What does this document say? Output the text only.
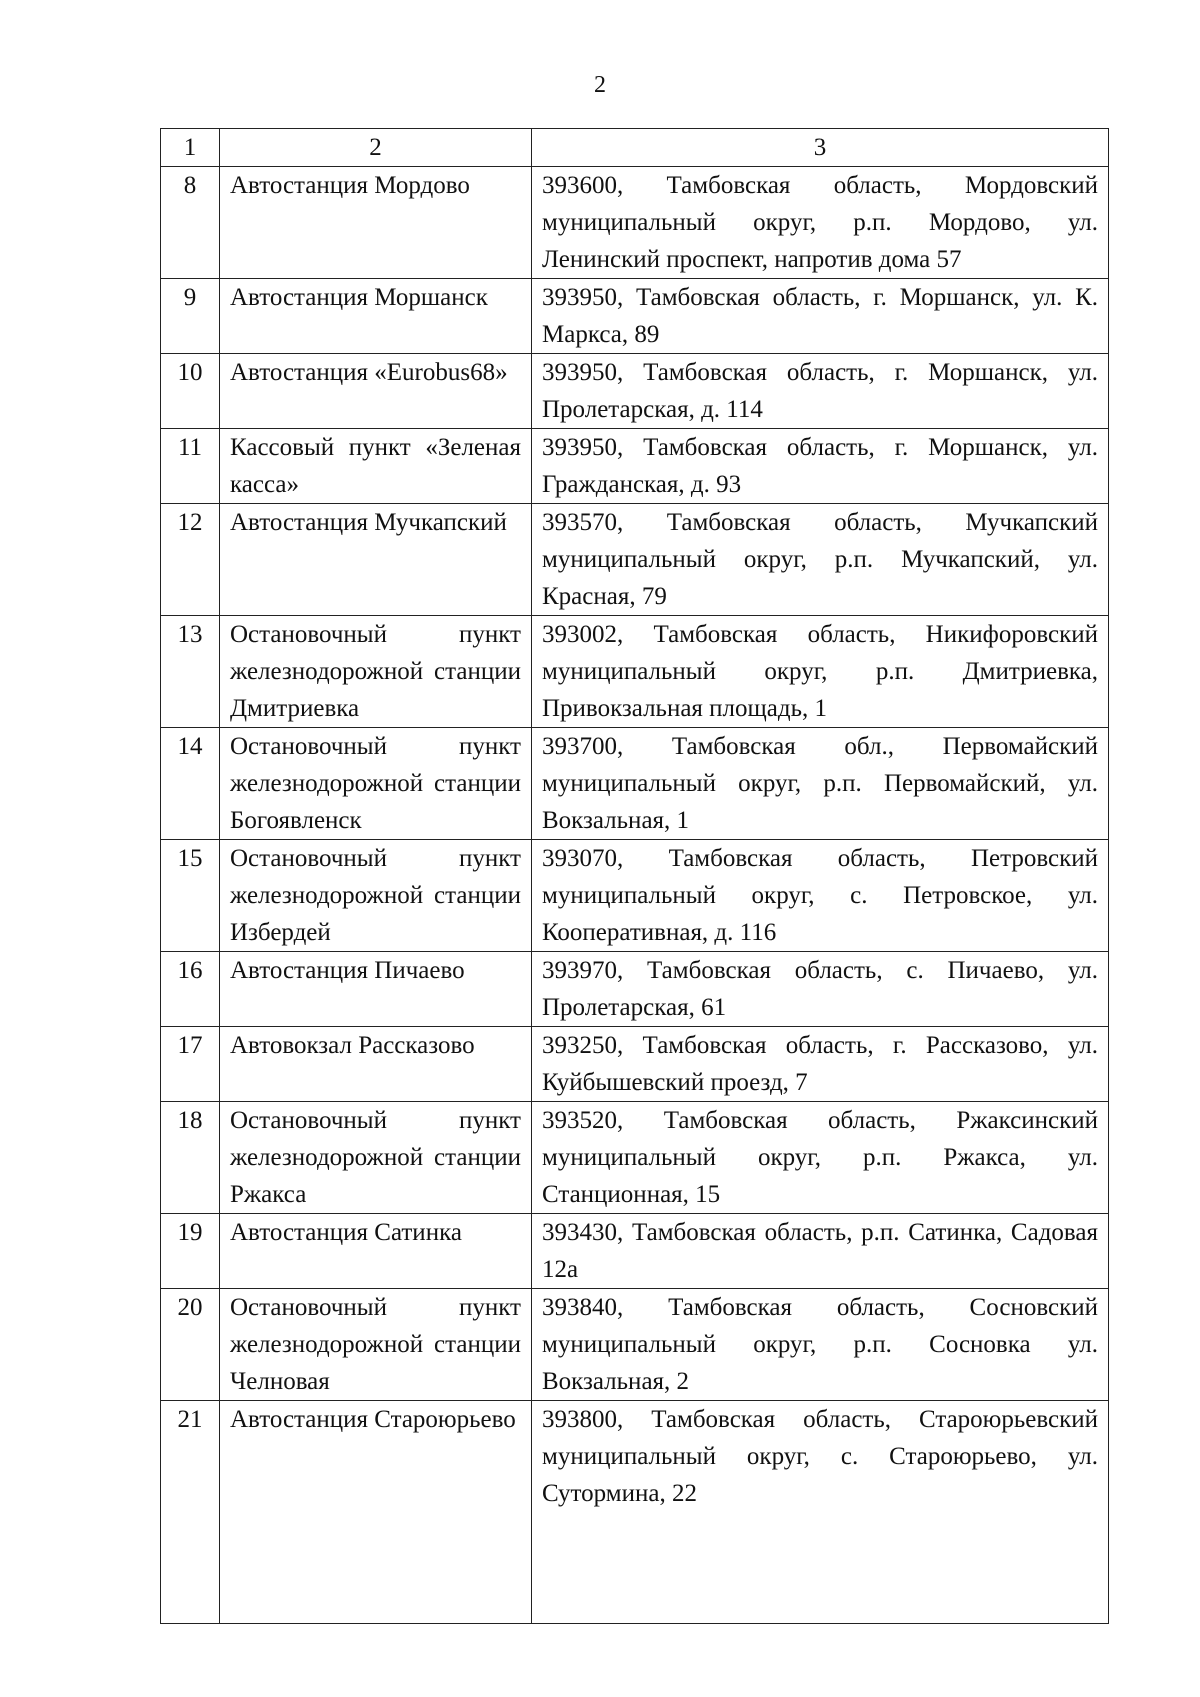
2
1	2	3
8	Автостанция Мордово	393600, Тамбовская область, Мордовский муниципальный округ, р.п. Мордово, ул. Ленинский проспект, напротив дома 57
9	Автостанция Моршанск	393950, Тамбовская область, г. Моршанск, ул. К. Маркса, 89
10	Автостанция «Eurobus68»	393950, Тамбовская область, г. Моршанск, ул. Пролетарская, д. 114
11	Кассовый пункт «Зеленая касса»	393950, Тамбовская область, г. Моршанск, ул. Гражданская, д. 93
12	Автостанция Мучкапский	393570, Тамбовская область, Мучкапский муниципальный округ, р.п. Мучкапский, ул. Красная, 79
13	Остановочный пункт железнодорожной станции Дмитриевка	393002, Тамбовская область, Никифоровский муниципальный округ, р.п. Дмитриевка, Привокзальная площадь, 1
14	Остановочный пункт железнодорожной станции Богоявленск	393700, Тамбовская обл., Первомайский муниципальный округ, р.п. Первомайский, ул. Вокзальная, 1
15	Остановочный пункт железнодорожной станции Избердей	393070, Тамбовская область, Петровский муниципальный округ, с. Петровское, ул. Кооперативная, д. 116
16	Автостанция Пичаево	393970, Тамбовская область, с. Пичаево, ул. Пролетарская, 61
17	Автовокзал Рассказово	393250, Тамбовская область, г. Рассказово, ул. Куйбышевский проезд, 7
18	Остановочный пункт железнодорожной станции Ржакса	393520, Тамбовская область, Ржаксинский муниципальный округ, р.п. Ржакса, ул. Станционная, 15
19	Автостанция Сатинка	393430, Тамбовская область, р.п. Сатинка, Садовая 12а
20	Остановочный пункт железнодорожной станции Челновая	393840, Тамбовская область, Сосновский муниципальный округ, р.п. Сосновка ул. Вокзальная, 2
21	Автостанция Староюрьево	393800, Тамбовская область, Староюрьевский муниципальный округ, с. Староюрьево, ул. Сутормина, 22
